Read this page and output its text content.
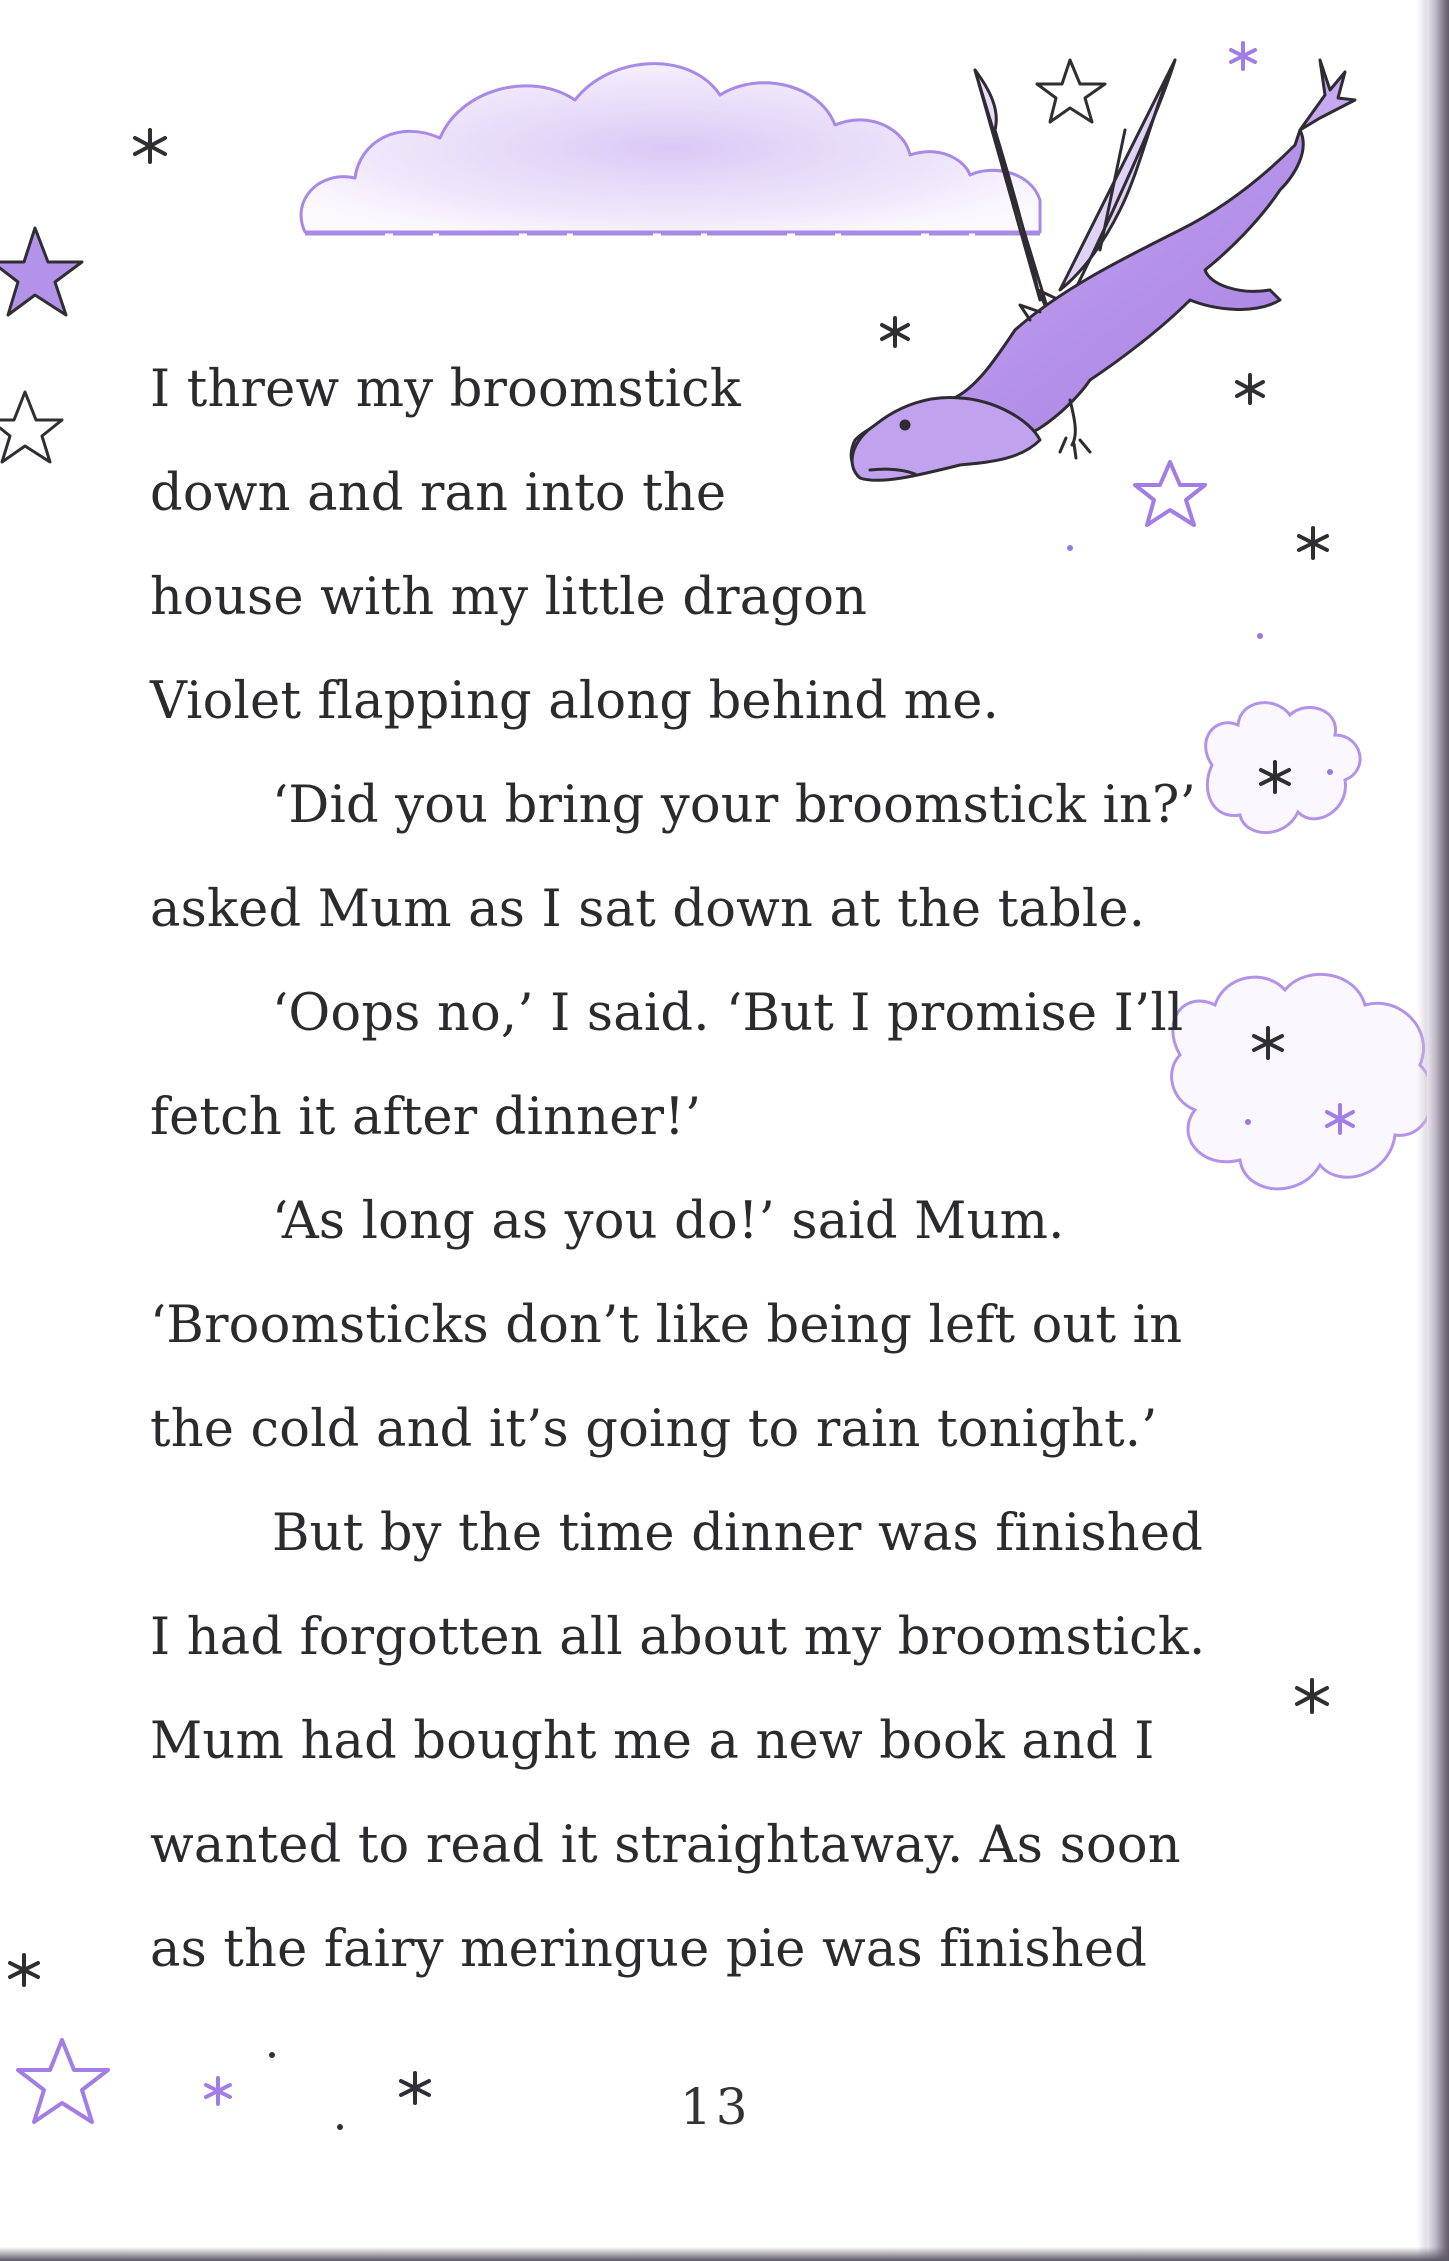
I threw my broomstick

down and ran into the

house with my little dragon

Violet flapping along behind me.

‘Did you bring your broomstick in?’

asked Mum as I sat down at the table.

‘Oops no,’ I said. ‘But I promise I’ll

fetch it after dinner!’

‘As long as you do!’ said Mum.

‘Broomsticks don’t like being left out in

the cold and it’s going to rain tonight.’

But by the time dinner was finished

I had forgotten all about my broomstick.

Mum had bought me a new book and I

wanted to read it straightaway. As soon

as the fairy meringue pie was finished

13
